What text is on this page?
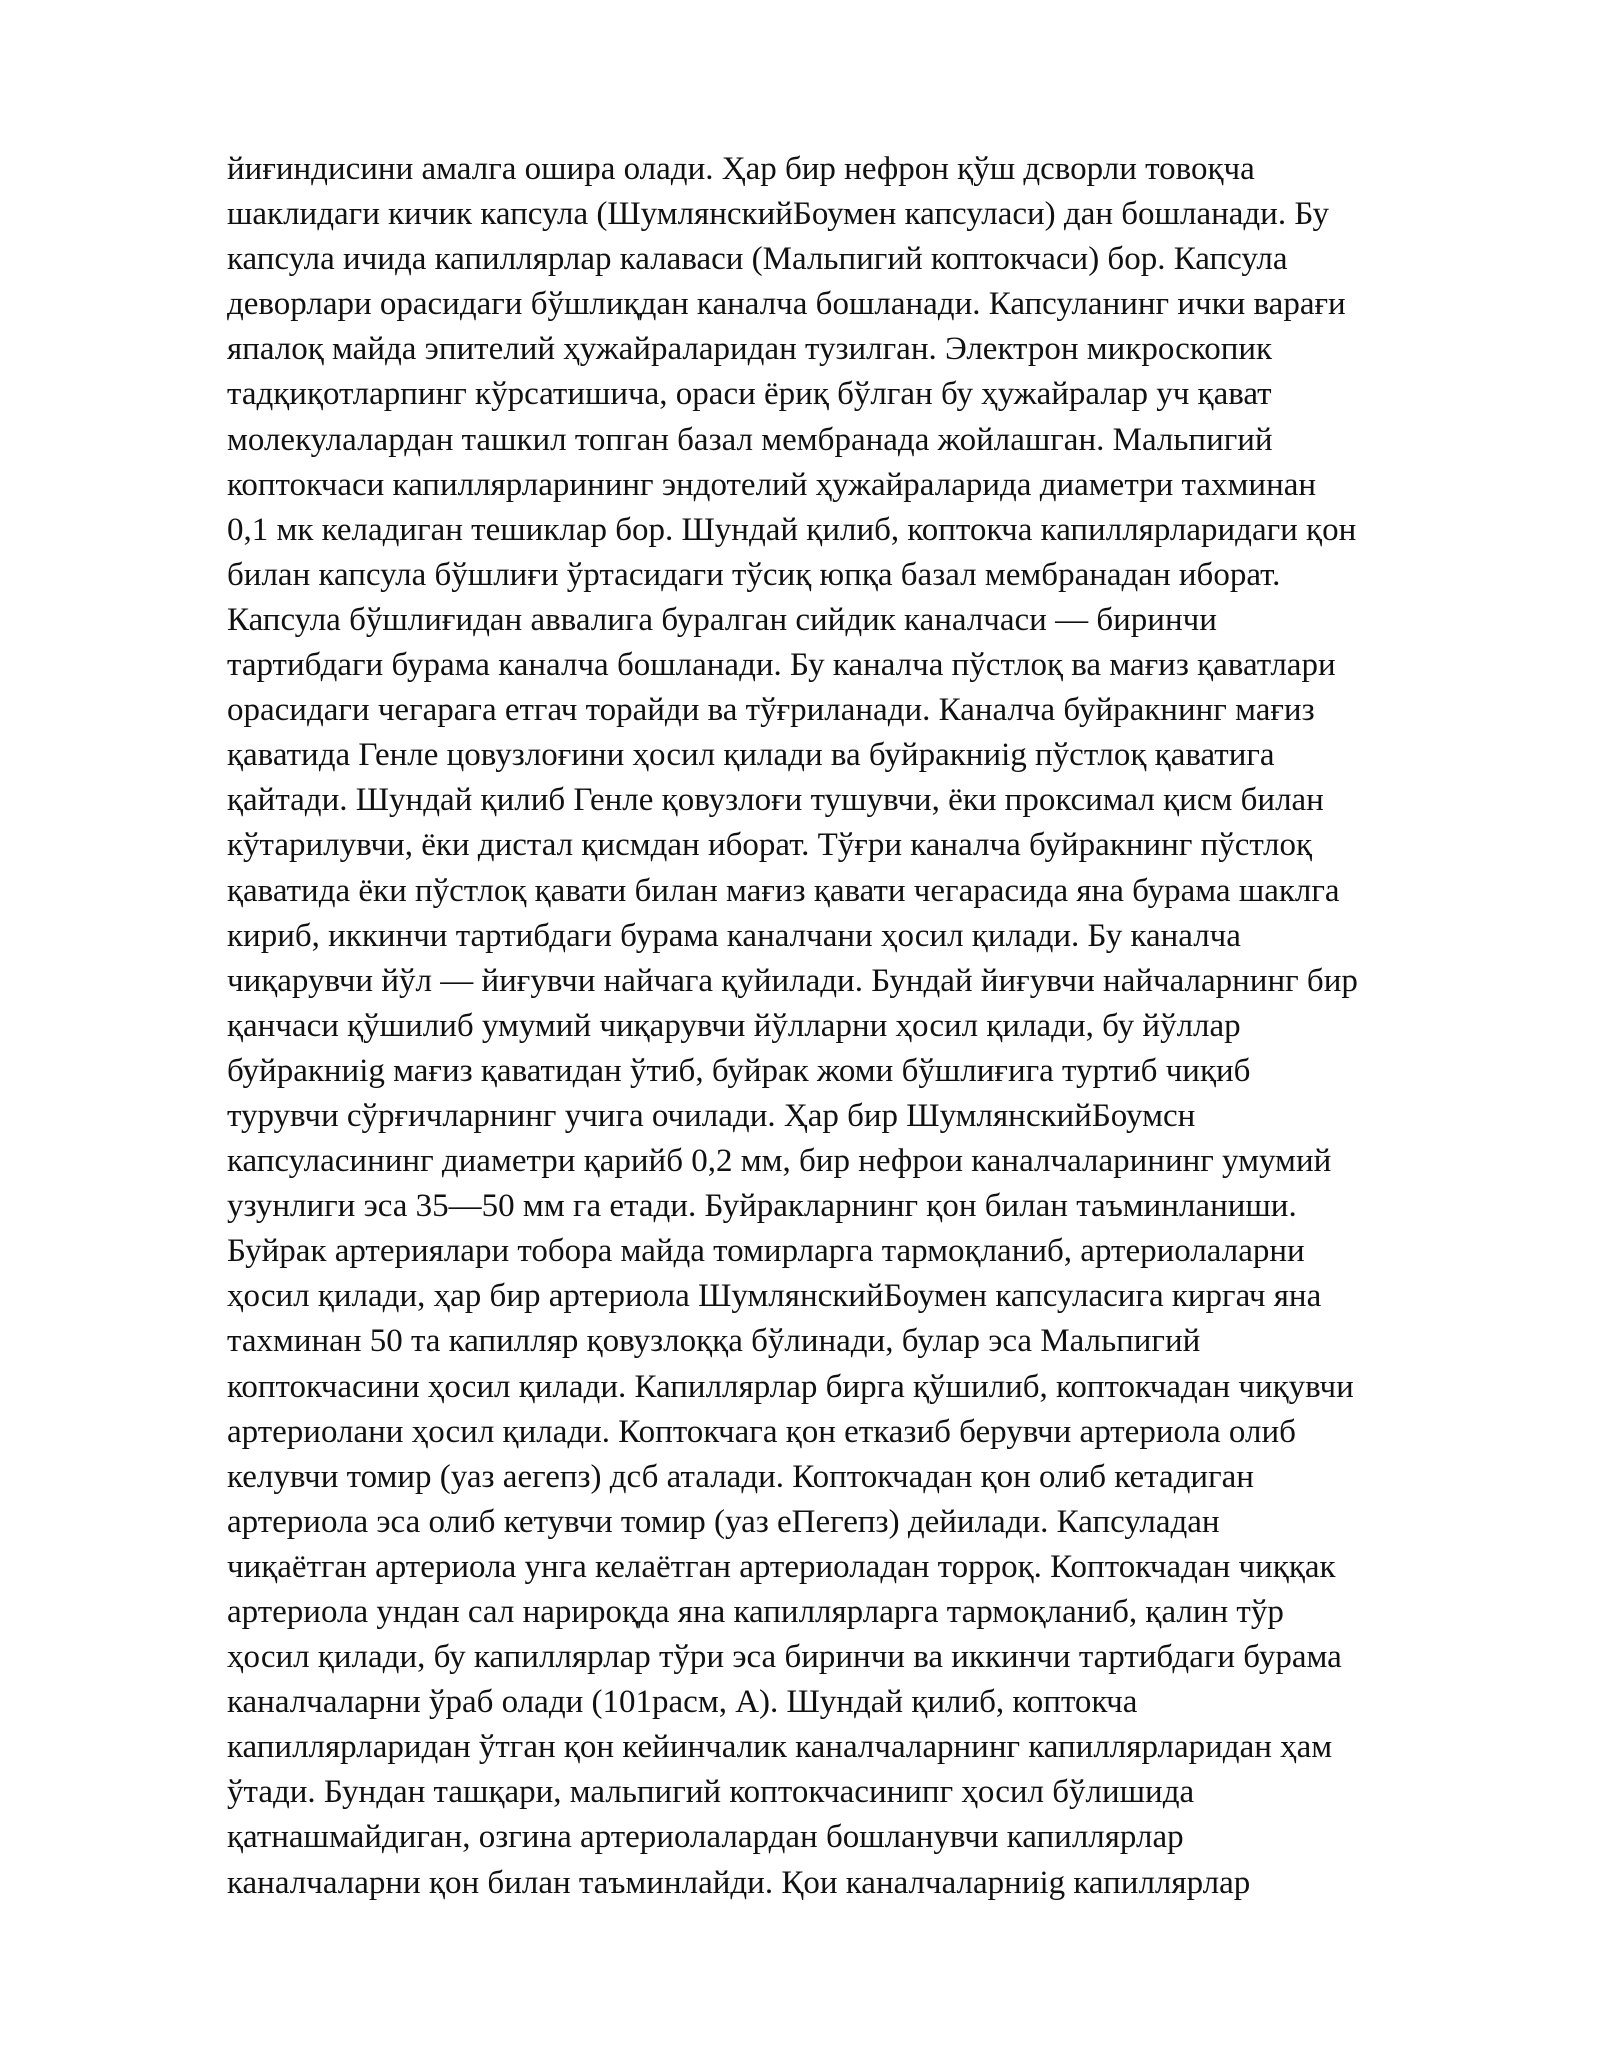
йиғиндисини амалга ошира олади. Ҳар бир нефрон қўш дсворли товоқча
шаклидаги кичик капсула (ШумлянскийБоумен капсуласи) дан бошланади. Бу
капсула ичида капиллярлар калаваси (Мальпигий коптокчаси) бор. Капсула
деворлари орасидаги бўшлиқдан каналча бошланади. Капсуланинг ички варағи
япалоқ майда эпителий ҳужайраларидан тузилган. Электрон микроскопик
тадқиқотларпинг кўрсатишича, ораси ёриқ бўлган бу ҳужайралар уч қават
молекулалардан ташкил топган базал мембранада жойлашган. Мальпигий
коптокчаси капиллярларининг эндотелий ҳужайраларида диаметри тахминан
0,1 мк келадиган тешиклар бор. Шундай қилиб, коптокча капиллярларидаги қон
билан капсула бўшлиғи ўртасидаги тўсиқ юпқа базал мембранадан иборат.
Капсула бўшлиғидан аввалига буралган сийдик каналчаси — биринчи
тартибдаги бурама каналча бошланади. Бу каналча пўстлоқ ва мағиз қаватлари
орасидаги чегарага етгач торайди ва тўғриланади. Каналча буйракнинг мағиз
қаватида Генле цовузлоғини ҳосил қилади ва буйракниig пўстлоқ қаватига
қайтади. Шундай қилиб Генле қовузлоғи тушувчи, ёки проксимал қисм билан
кўтарилувчи, ёки дистал қисмдан иборат. Тўғри каналча буйракнинг пўстлоқ
қаватида ёки пўстлоқ қавати билан мағиз қавати чегарасида яна бурама шаклга
кириб, иккинчи тартибдаги бурама каналчани ҳосил қилади. Бу каналча
чиқарувчи йўл — йиғувчи найчага қуйилади. Бундай йиғувчи найчаларнинг бир
қанчаси қўшилиб умумий чиқарувчи йўлларни ҳосил қилади, бу йўллар
буйракниig мағиз қаватидан ўтиб, буйрак жоми бўшлиғига туртиб чиқиб
турувчи сўрғичларнинг учига очилади. Ҳар бир ШумлянскийБоумсн
капсуласининг диаметри қарийб 0,2 мм, бир нефрои каналчаларининг умумий
узунлиги эса 35—50 мм га етади. Буйракларнинг қон билан таъминланиши.
Буйрак артериялари тобора майда томирларга тармоқланиб, артериолаларни
ҳосил қилади, ҳар бир артериола ШумлянскийБоумен капсуласига киргач яна
тахминан 50 та капилляр қовузлоққа бўлинади, булар эса Мальпигий
коптокчасини ҳосил қилади. Капиллярлар бирга қўшилиб, коптокчадан чиқувчи
артериолани ҳосил қилади. Коптокчага қон етказиб берувчи артериола олиб
келувчи томир (уаз аегепз) дсб аталади. Коптокчадан қон олиб кетадиган
артериола эса олиб кетувчи томир (уаз еПегепз) дейилади. Капсуладан
чиқаётган артериола унга келаётган артериоладан торроқ. Коптокчадан чиққак
артериола ундан сал нарироқда яна капиллярларга тармоқланиб, қалин тўр
ҳосил қилади, бу капиллярлар тўри эса биринчи ва иккинчи тартибдаги бурама
каналчаларни ўраб олади (101расм, А). Шундай қилиб, коптокча
капиллярларидан ўтган қон кейинчалик каналчаларнинг капиллярларидан ҳам
ўтади. Бундан ташқари, мальпигий коптокчасинипг ҳосил бўлишида
қатнашмайдиган, озгина артериолалардан бошланувчи капиллярлар
каналчаларни қон билан таъминлайди. Қои каналчаларниig капиллярлар
